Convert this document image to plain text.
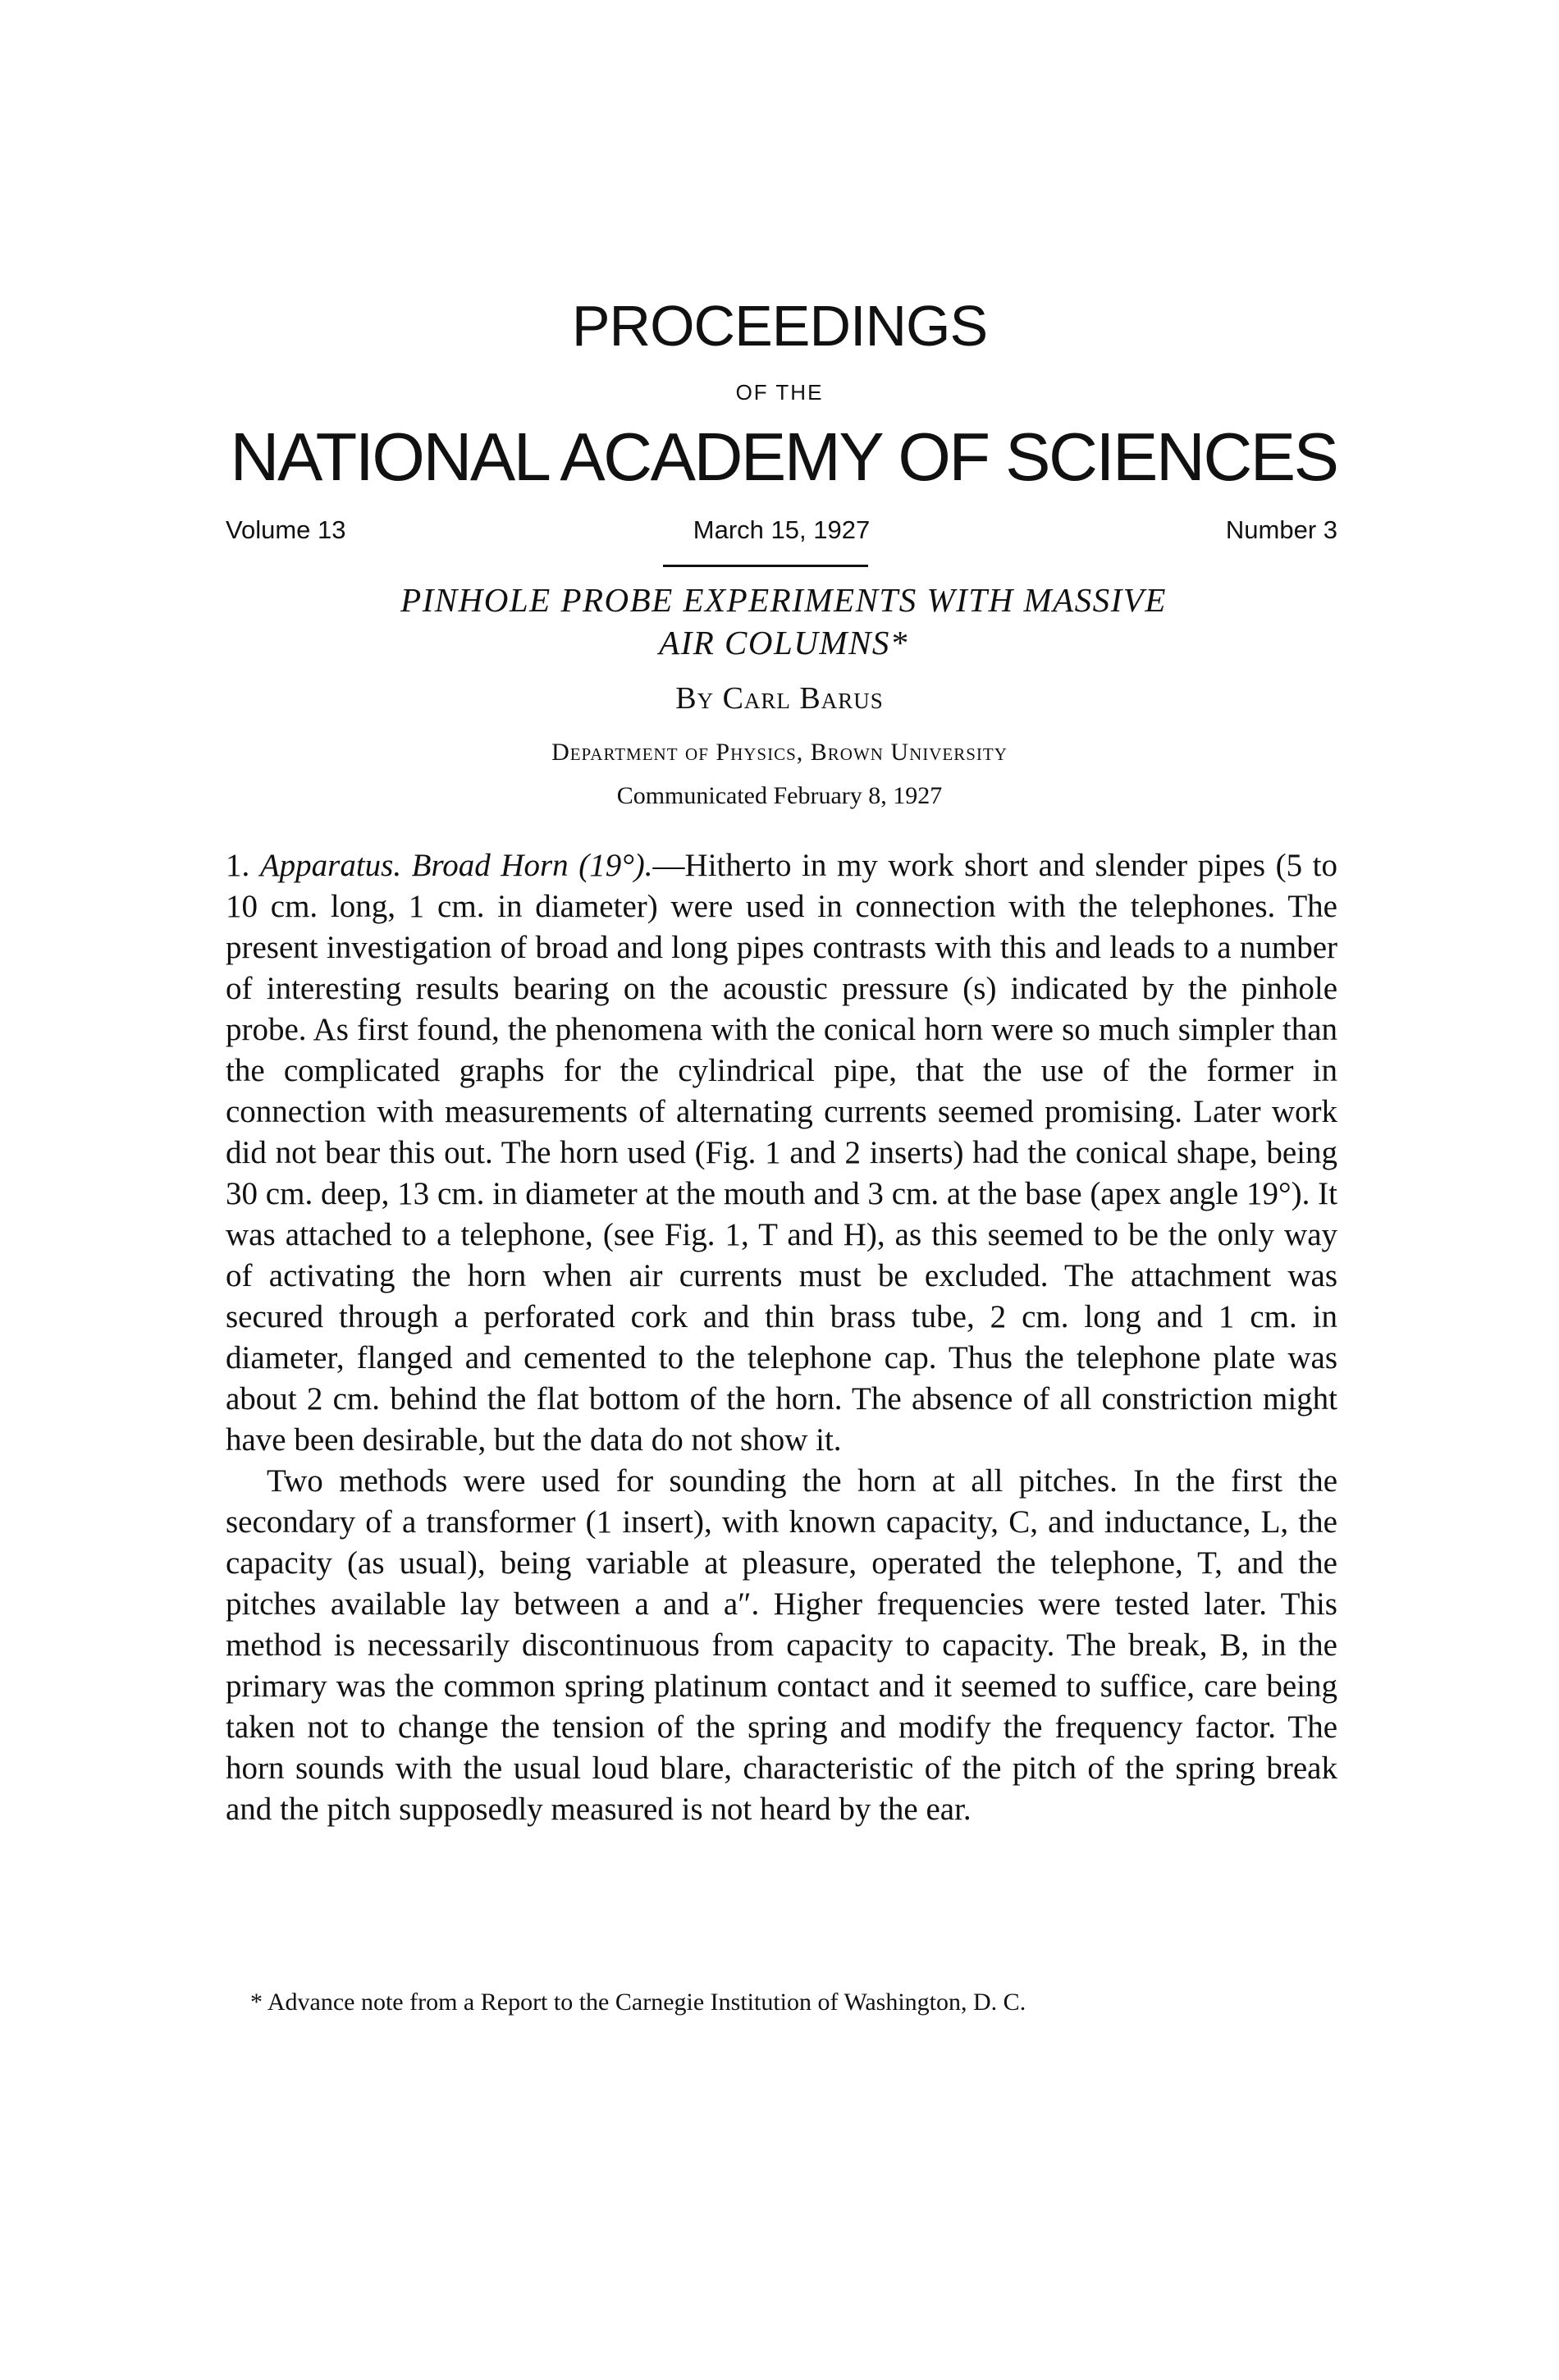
PROCEEDINGS
OF THE
NATIONAL ACADEMY OF SCIENCES
Volume 13	March 15, 1927	Number 3
PINHOLE PROBE EXPERIMENTS WITH MASSIVE
AIR COLUMNS*
By Carl Barus
Department of Physics, Brown University
Communicated February 8, 1927

1. Apparatus. Broad Horn (19°).—Hitherto in my work short and slender pipes (5 to 10 cm. long, 1 cm. in diameter) were used in connection with the telephones. The present investigation of broad and long pipes contrasts with this and leads to a number of interesting results bearing on the acoustic pressure (s) indicated by the pinhole probe. As first found, the phenomena with the conical horn were so much simpler than the complicated graphs for the cylindrical pipe, that the use of the former in connection with measurements of alternating currents seemed promising. Later work did not bear this out. The horn used (Fig. 1 and 2 inserts) had the conical shape, being 30 cm. deep, 13 cm. in diameter at the mouth and 3 cm. at the base (apex angle 19°). It was attached to a telephone, (see Fig. 1, T and H), as this seemed to be the only way of activating the horn when air currents must be excluded. The attachment was secured through a perforated cork and thin brass tube, 2 cm. long and 1 cm. in diameter, flanged and cemented to the telephone cap. Thus the telephone plate was about 2 cm. behind the flat bottom of the horn. The absence of all constriction might have been desirable, but the data do not show it.

Two methods were used for sounding the horn at all pitches. In the first the secondary of a transformer (1 insert), with known capacity, C, and inductance, L, the capacity (as usual), being variable at pleasure, operated the telephone, T, and the pitches available lay between a and a″. Higher frequencies were tested later. This method is necessarily discontinuous from capacity to capacity. The break, B, in the primary was the common spring platinum contact and it seemed to suffice, care being taken not to change the tension of the spring and modify the frequency factor. The horn sounds with the usual loud blare, characteristic of the pitch of the spring break and the pitch supposedly measured is not heard by the ear.

* Advance note from a Report to the Carnegie Institution of Washington, D. C.
